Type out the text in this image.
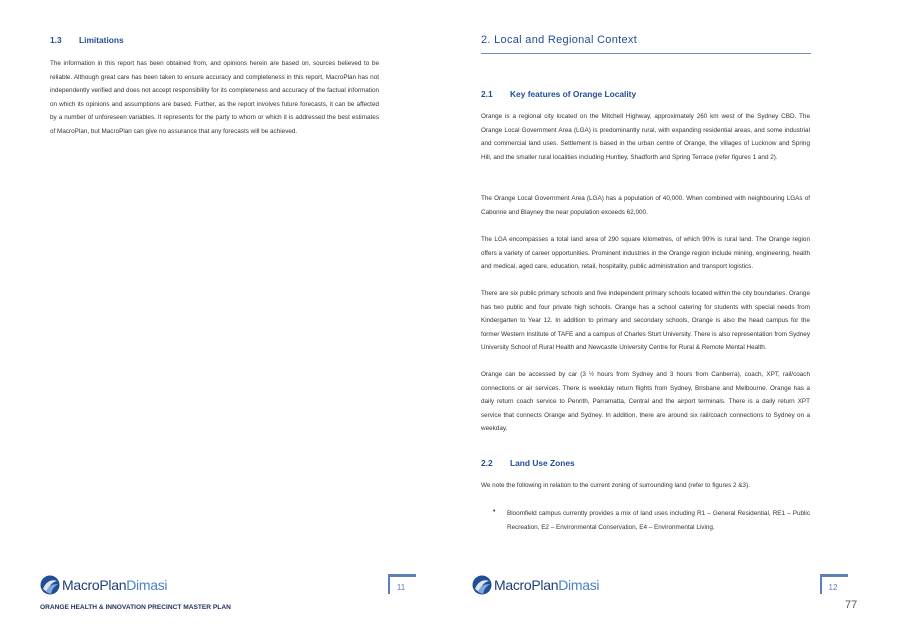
1.3 Limitations

The information in this report has been obtained from, and opinions herein are based on, sources believed to be reliable. Although great care has been taken to ensure accuracy and completeness in this report, MacroPlan has not independently verified and does not accept responsibility for its completeness and accuracy of the factual information on which its opinions and assumptions are based. Further, as the report involves future forecasts, it can be affected by a number of unforeseen variables. It represents for the party to whom or which it is addressed the best estimates of MacroPlan, but MacroPlan can give no assurance that any forecasts will be achieved.

MacroPlanDimasi	11
ORANGE HEALTH & INNOVATION PRECINCT MASTER PLAN
2. Local and Regional Context
2.1 Key features of Orange Locality

Orange is a regional city located on the Mitchell Highway, approximately 260 km west of the Sydney CBD. The Orange Local Government Area (LGA) is predominantly rural, with expanding residential areas, and some industrial and commercial land uses. Settlement is based in the urban centre of Orange, the villages of Lucknow and Spring Hill, and the smaller rural localities including Huntley, Shadforth and Spring Terrace (refer figures 1 and 2).

The Orange Local Government Area (LGA) has a population of 40,000. When combined with neighbouring LGAs of Cabonne and Blayney the near population exceeds 62,000.

The LGA encompasses a total land area of 290 square kilometres, of which 90% is rural land. The Orange region offers a variety of career opportunities. Prominent industries in the Orange region include mining, engineering, health and medical, aged care, education, retail, hospitality, public administration and transport logistics.

There are six public primary schools and five independent primary schools located within the city boundaries. Orange has two public and four private high schools. Orange has a school catering for students with special needs from Kindergarten to Year 12. In addition to primary and secondary schools, Orange is also the head campus for the former Western Institute of TAFE and a campus of Charles Sturt University. There is also representation from Sydney University School of Rural Health and Newcastle University Centre for Rural & Remote Mental Health.

Orange can be accessed by car (3 ½ hours from Sydney and 3 hours from Canberra), coach, XPT, rail/coach connections or air services. There is weekday return flights from Sydney, Brisbane and Melbourne. Orange has a daily return coach service to Penrith, Parramatta, Central and the airport terminals. There is a daily return XPT service that connects Orange and Sydney. In addition, there are around six rail/coach connections to Sydney on a weekday.

2.2 Land Use Zones

We note the following in relation to the current zoning of surrounding land (refer to figures 2 &3).

• Bloomfield campus currently provides a mix of land uses including R1 – General Residential, RE1 – Public Recreation, E2 – Environmental Conservation, E4 – Environmental Living.

MacroPlanDimasi	12
77
